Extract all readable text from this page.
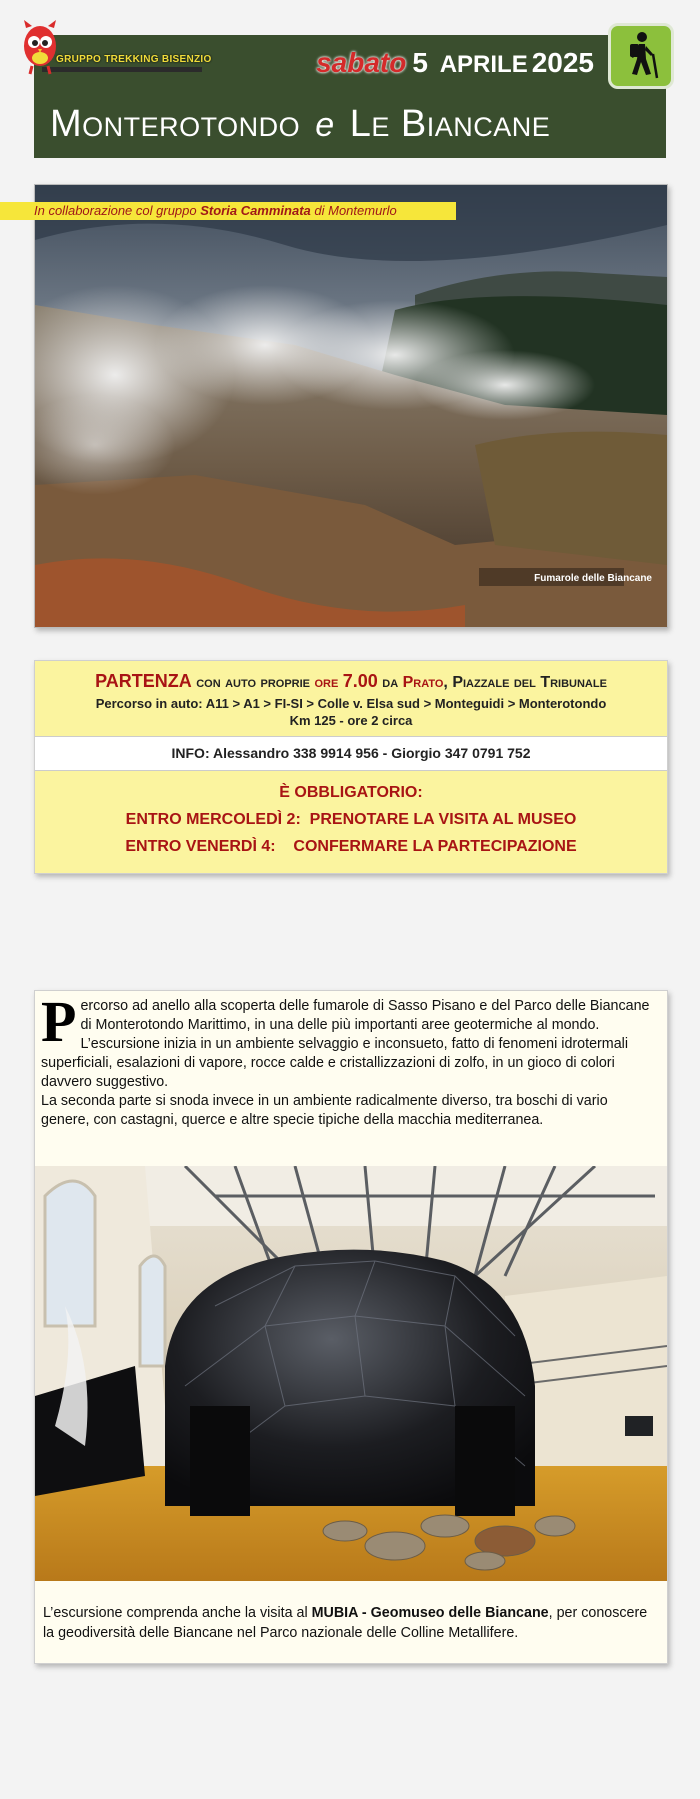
sabato 5 APRILE 2025
Monterotondo e Le Biancane
GRUPPO TREKKING BISENZIO
In collaborazione col gruppo Storia Camminata di Montemurlo
Fumarole delle Biancane
PARTENZA con auto proprie ore 7.00 da Prato, Piazzale del Tribunale
Percorso in auto: A11 > A1 > FI-SI > Colle v. Elsa sud > Monteguidi > Monterotondo
Km 125 - ore 2 circa
INFO: Alessandro 338 9914 956 - Giorgio 347 0791 752
È OBBLIGATORIO:
ENTRO MERCOLEDÌ 2:  PRENOTARE LA VISITA AL MUSEO
ENTRO VENERDÌ 4:    CONFERMARE LA PARTECIPAZIONE
P ercorso ad anello alla scoperta delle fumarole di Sasso Pisano e del Parco delle Biancane di Monterotondo Marittimo, in una delle più importanti aree geotermiche al mondo. L’escursione inizia in un ambiente selvaggio e inconsueto, fatto di fenomeni idrotermali superficiali, esalazioni di vapore, rocce calde e cristallizzazioni di zolfo, in un gioco di colori davvero suggestivo.

La seconda parte si snoda invece in un ambiente radicalmente diverso, tra boschi di vario genere, con castagni, querce e altre specie tipiche della macchia mediterranea.

L’escursione comprenda anche la visita al MUBIA - Geomuseo delle Biancane, per conoscere la geodiversità delle Biancane nel Parco nazionale delle Colline Metallifere.
